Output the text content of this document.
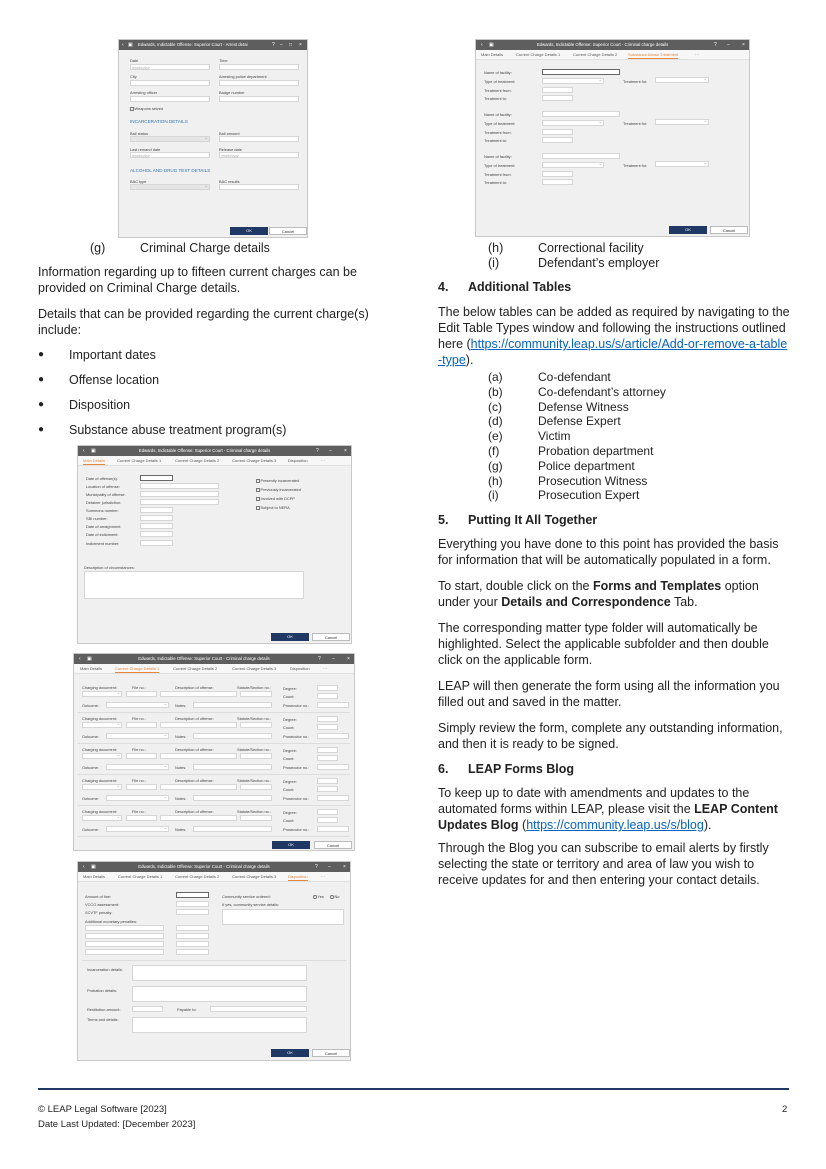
‹ ▣ Edwards, Indictable Offense: Superior Court - Arrest detai	? – □ ×
Date
mm/dd/yyyy
Time
City	Arresting police department
Arresting officer	Badge number
Weapons seized
INCARCERATION DETAILS
Bail status
⌄	Bail amount
Last remand date
mm/dd/yyyy
Release date
mm/dd/yyyy
ALCOHOL AND DRUG TEST DETAILS
BAC type
⌄	BAC results
OK	Cancel
‹ ▣	Edwards, Indictable Offense: Superior Court - Criminal charge details	? – ×
Main Details	Current Charge Details 1	Current Charge Details 2	Substance Abuse Treatment	···
Name of facility:
Type of treatment: ⌄	Treatment for:
⌄
Treatment from:
Treatment to:
Name of facility:
Type of treatment: ⌄	Treatment for:
⌄
Treatment from:
Treatment to:
Name of facility:
Type of treatment: ⌄	Treatment for:
⌄
Treatment from:
Treatment to:
OK	Cancel
(g)	Criminal Charge details

Information regarding up to fifteen current charges can be provided on Criminal Charge details.

Details that can be provided regarding the current charge(s) include:

● Important dates
● Offense location
● Disposition
● Substance abuse treatment program(s)
‹ ▣	Edwards, Indictable Offense: Superior Court - Criminal charge details	? – ×
Main Details	Current Charge Details 1	Current Charge Details 2	Current Charge Details 3	Disposition	···
Date of offense(s):
Location of offense:
Municipality of offense:
Detainer jurisdiction:
Summons number:
SBI number:
Date of arraignment:
Date of indictment:
Indictment number:
Presently incarcerated
Previously incarcerated
Involved with DCPP
Subject to NERA
Description of circumstances:
OK	Cancel
‹ ▣	Edwards, Indictable Offense: Superior Court - Criminal charge details	? – ×
Main Details	Current Charge Details 1	Current Charge Details 2	Current Charge Details 3	Disposition	···
Charging document:
⌄	File no.:	Description of offense:	Statute/Section no.:	Degree:
Count:
Outcome: ⌄	Notes:	Prosecutor no.:
OK	Cancel
Charging document:
⌄	File no.:	Description of offense:	Statute/Section no.:	Degree:
Count:
Outcome: ⌄	Notes:	Prosecutor no.:
Charging document:
⌄	File no.:	Description of offense:	Statute/Section no.:	Degree:
Count:
Outcome: ⌄	Notes:	Prosecutor no.:
Charging document:
⌄	File no.:	Description of offense:	Statute/Section no.:	Degree:
Count:
Outcome: ⌄	Notes:	Prosecutor no.:
Charging document:
⌄	File no.:	Description of offense:	Statute/Section no.:	Degree:
Count:
Outcome: ⌄	Notes:	Prosecutor no.:
‹ ▣	Edwards, Indictable Offense: Superior Court - Criminal charge details	? – ×
Main Details	Current Charge Details 1	Current Charge Details 2	Current Charge Details 3	Disposition	···
Amount of fine:
VCCO assessment:
SCVTF penalty:
Additional monetary penalties:
Community service ordered:	Yes	No
If yes, community service details:
Incarceration details:
Probation details:
Restitution amount:	Payable to:
Terms and details:
OK	Cancel
(h)	Correctional facility
(i)	Defendant’s employer
4.	Additional Tables

The below tables can be added as required by navigating to the Edit Table Types window and following the instructions outlined here (https://community.leap.us/s/article/Add-or-remove-a-table-type).

(a)	Co-defendant
(b)	Co-defendant’s attorney
(c)	Defense Witness
(d)	Defense Expert
(e)	Victim
(f)	Probation department
(g)	Police department
(h)	Prosecution Witness
(i)	Prosecution Expert
5.	Putting It All Together

Everything you have done to this point has provided the basis for information that will be automatically populated in a form.

To start, double click on the Forms and Templates option under your Details and Correspondence Tab.

The corresponding matter type folder will automatically be highlighted. Select the applicable subfolder and then double click on the applicable form.

LEAP will then generate the form using all the information you filled out and saved in the matter.

Simply review the form, complete any outstanding information, and then it is ready to be signed.

6.	LEAP Forms Blog

To keep up to date with amendments and updates to the automated forms within LEAP, please visit the LEAP Content Updates Blog (https://community.leap.us/s/blog).

Through the Blog you can subscribe to email alerts by firstly selecting the state or territory and area of law you wish to receive updates for and then entering your contact details.

© LEAP Legal Software [2023]
Date Last Updated: [December 2023]
2
